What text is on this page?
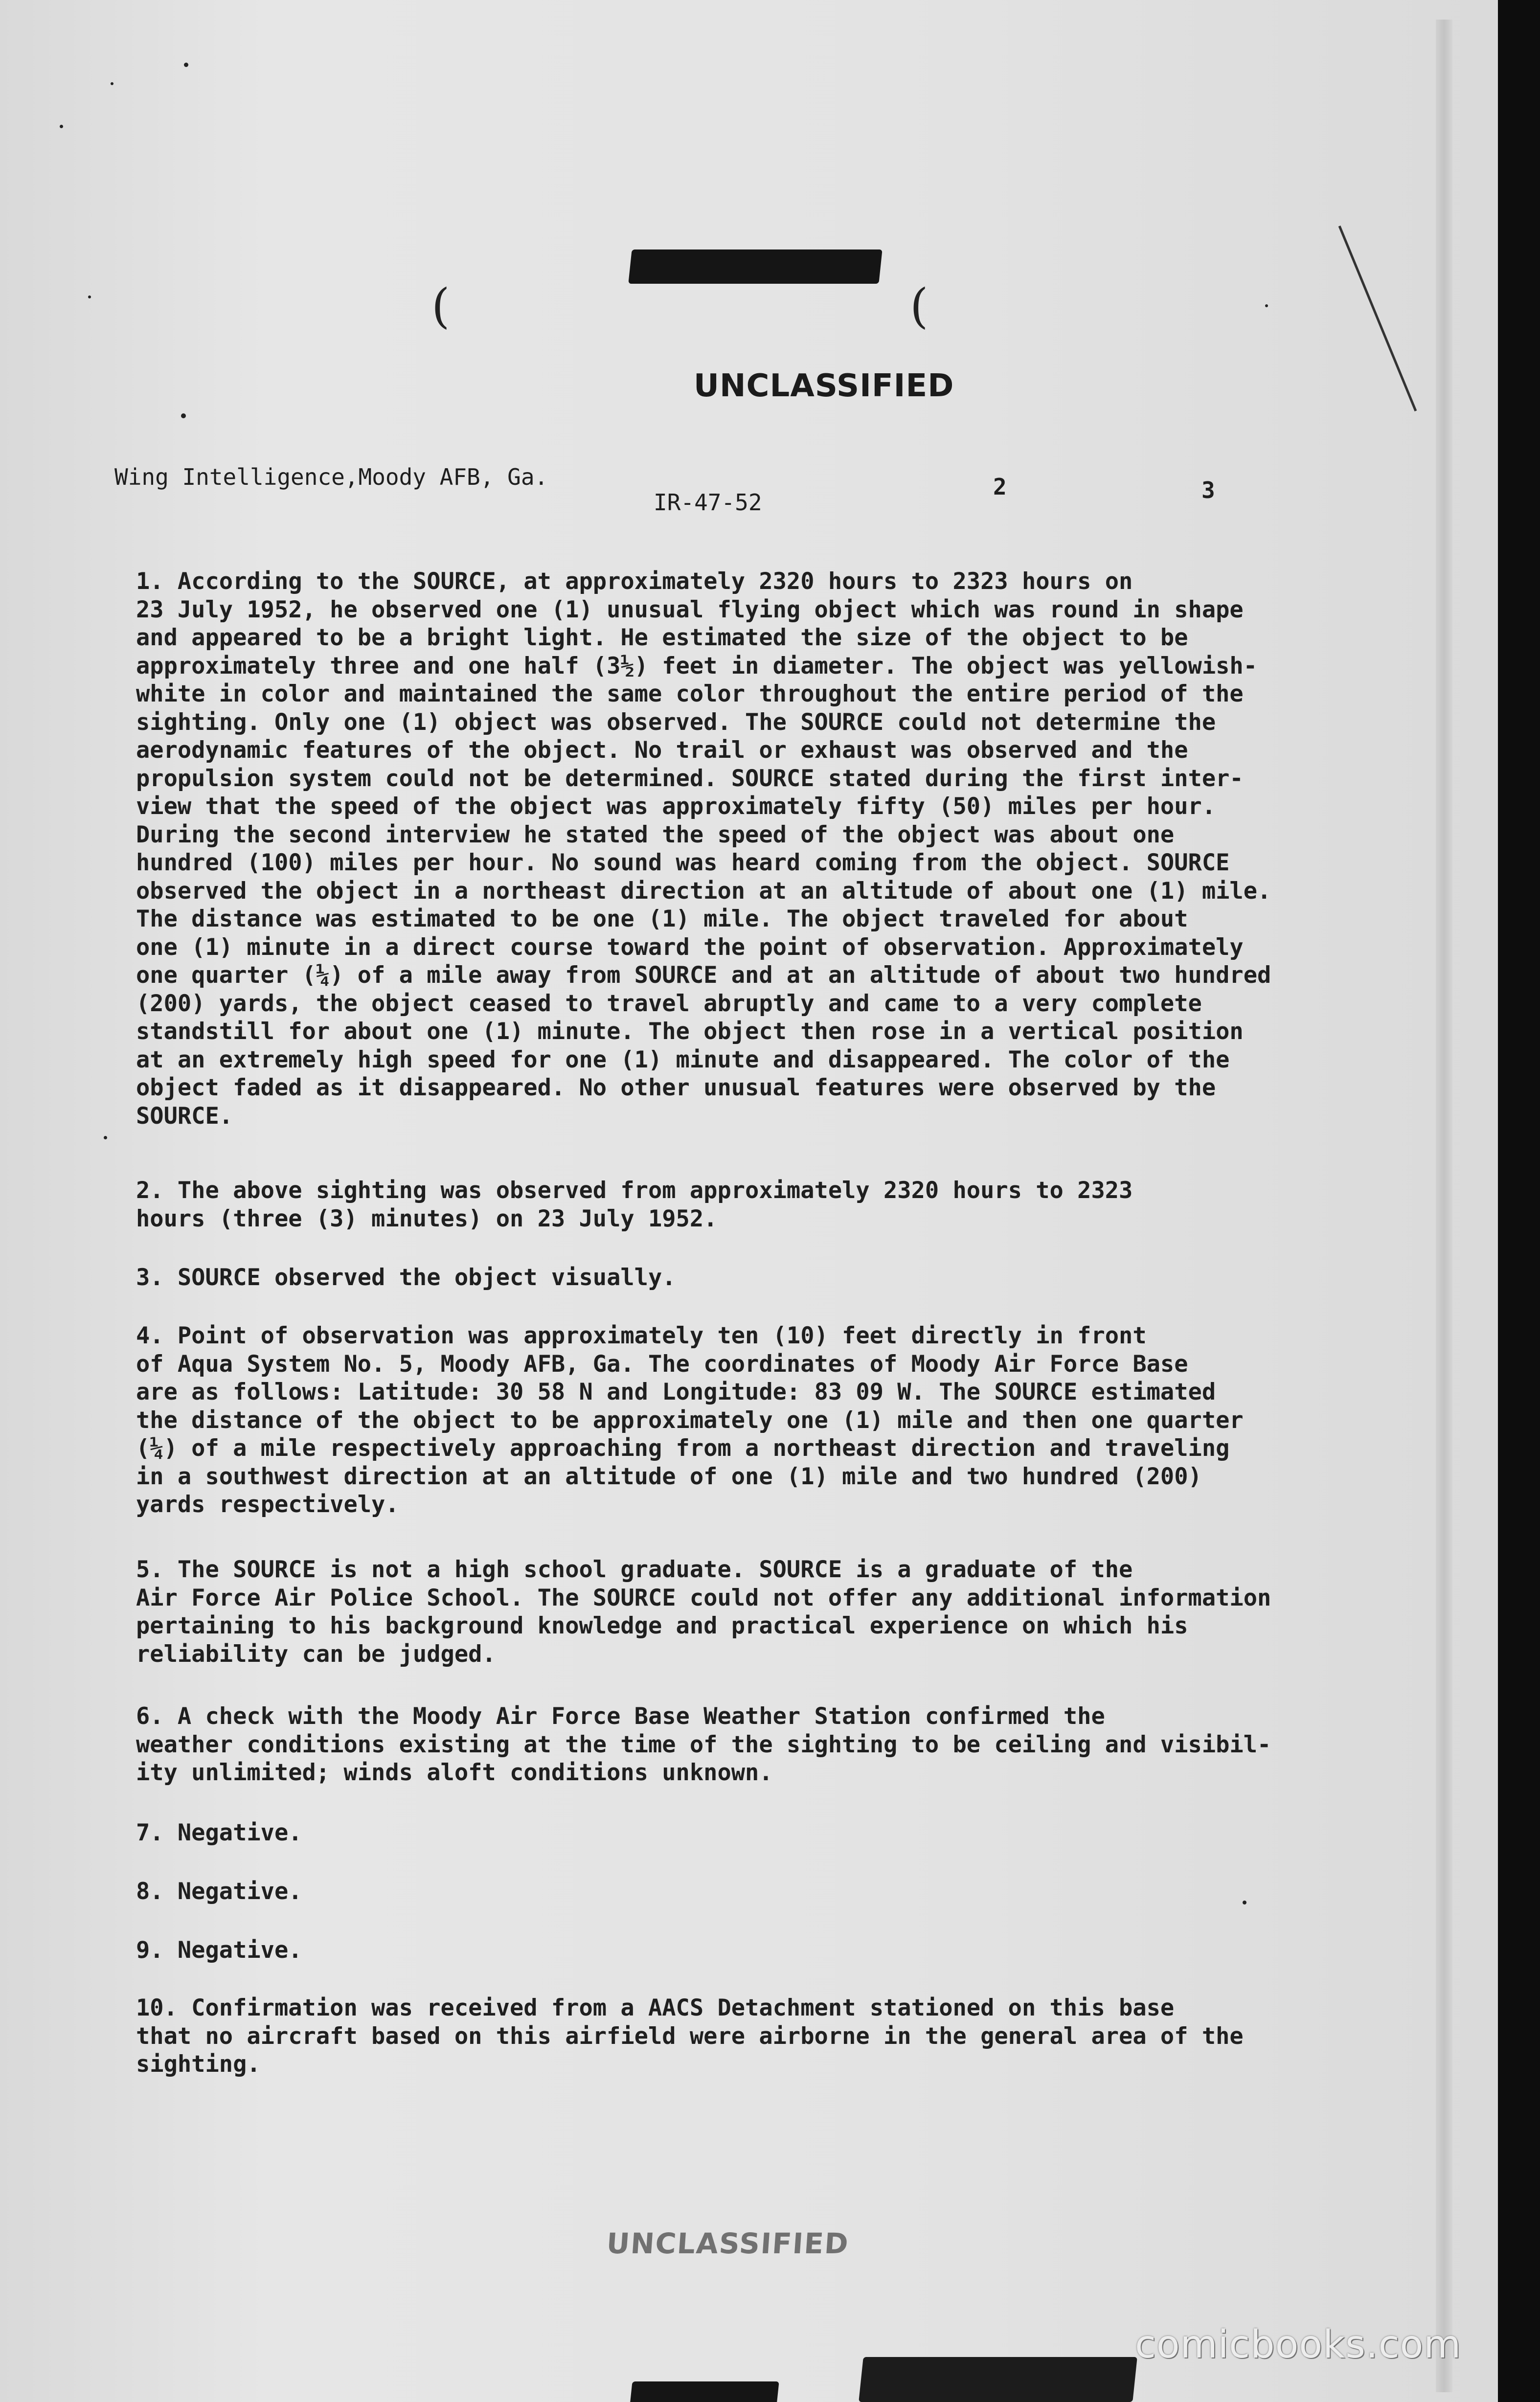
(	(
UNCLASSIFIED
Wing Intelligence,Moody AFB, Ga.
IR-47-52
2	3
1. According to the SOURCE, at approximately 2320 hours to 2323 hours on
23 July 1952, he observed one (1) unusual flying object which was round in shape
and appeared to be a bright light. He estimated the size of the object to be
approximately three and one half (3½) feet in diameter. The object was yellowish-
white in color and maintained the same color throughout the entire period of the
sighting. Only one (1) object was observed. The SOURCE could not determine the
aerodynamic features of the object. No trail or exhaust was observed and the
propulsion system could not be determined. SOURCE stated during the first inter-
view that the speed of the object was approximately fifty (50) miles per hour.
During the second interview he stated the speed of the object was about one
hundred (100) miles per hour. No sound was heard coming from the object. SOURCE
observed the object in a northeast direction at an altitude of about one (1) mile.
The distance was estimated to be one (1) mile. The object traveled for about
one (1) minute in a direct course toward the point of observation. Approximately
one quarter (¼) of a mile away from SOURCE and at an altitude of about two hundred
(200) yards, the object ceased to travel abruptly and came to a very complete
standstill for about one (1) minute. The object then rose in a vertical position
at an extremely high speed for one (1) minute and disappeared. The color of the
object faded as it disappeared. No other unusual features were observed by the
SOURCE.
2. The above sighting was observed from approximately 2320 hours to 2323
hours (three (3) minutes) on 23 July 1952.
3. SOURCE observed the object visually.
4. Point of observation was approximately ten (10) feet directly in front
of Aqua System No. 5, Moody AFB, Ga. The coordinates of Moody Air Force Base
are as follows: Latitude: 30 58 N and Longitude: 83 09 W. The SOURCE estimated
the distance of the object to be approximately one (1) mile and then one quarter
(¼) of a mile respectively approaching from a northeast direction and traveling
in a southwest direction at an altitude of one (1) mile and two hundred (200)
yards respectively.
5. The SOURCE is not a high school graduate. SOURCE is a graduate of the
Air Force Air Police School. The SOURCE could not offer any additional information
pertaining to his background knowledge and practical experience on which his
reliability can be judged.
6. A check with the Moody Air Force Base Weather Station confirmed the
weather conditions existing at the time of the sighting to be ceiling and visibil-
ity unlimited; winds aloft conditions unknown.
7. Negative.
8. Negative.
9. Negative.
10. Confirmation was received from a AACS Detachment stationed on this base
that no aircraft based on this airfield were airborne in the general area of the
sighting.
UNCLASSIFIED
comicbooks.com
